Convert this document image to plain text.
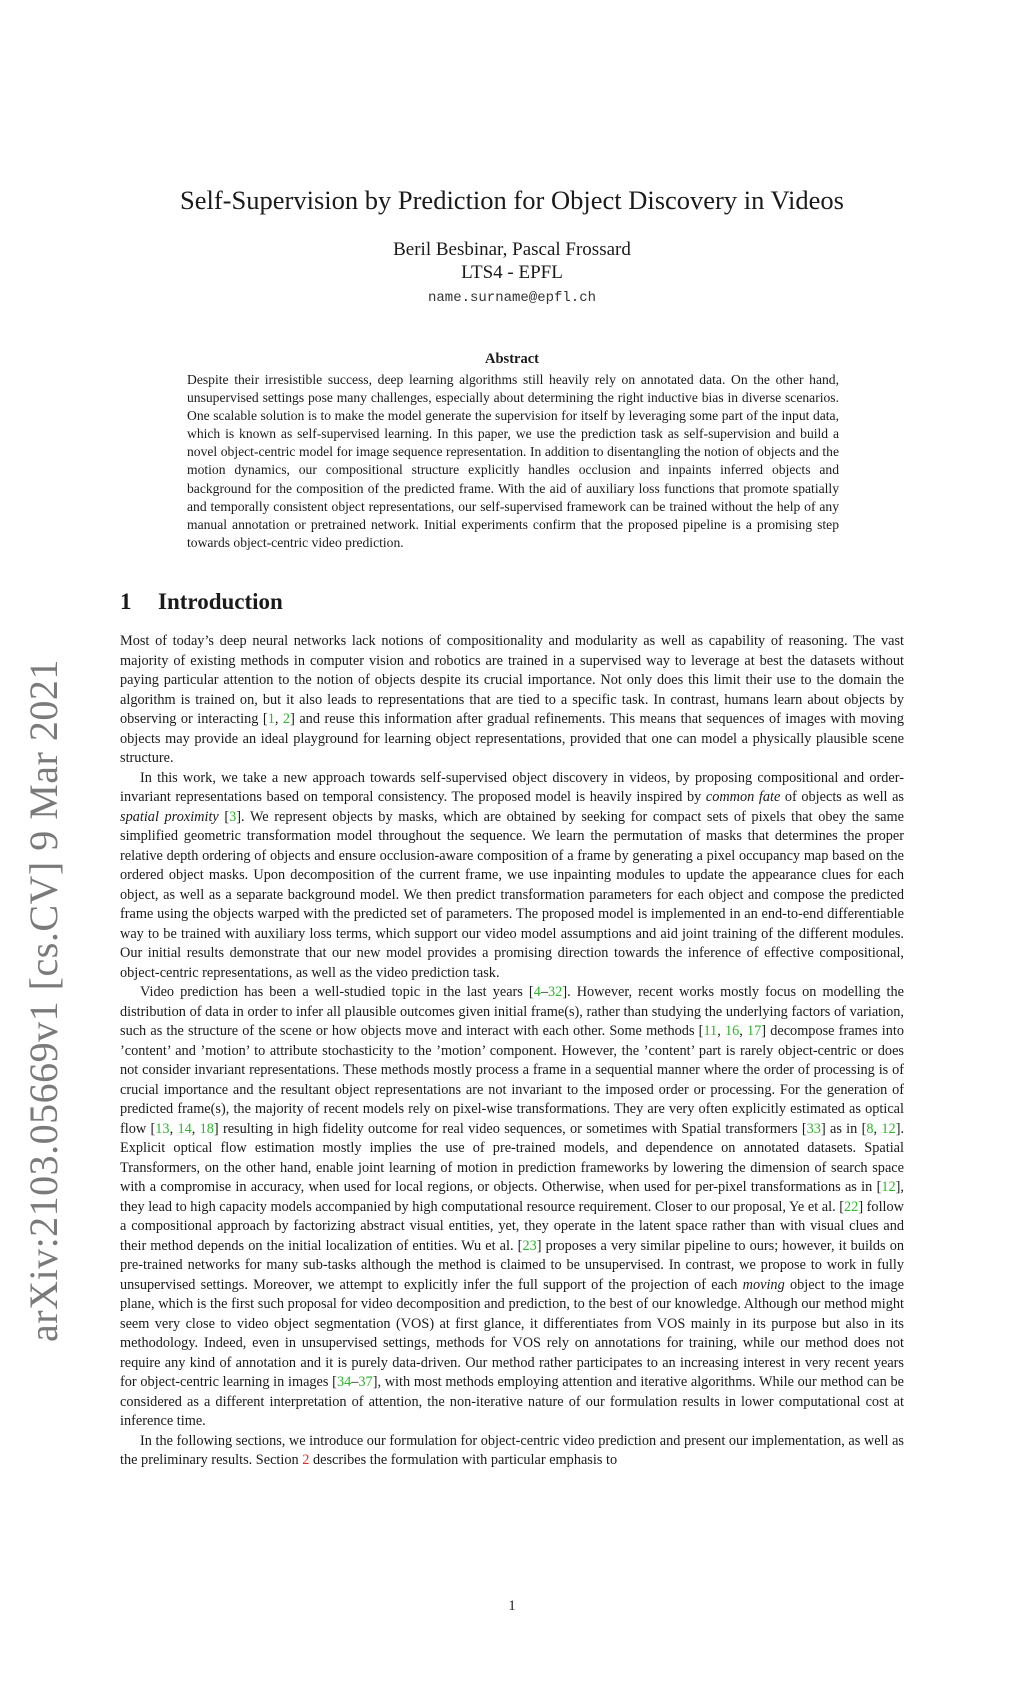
arXiv:2103.05669v1 [cs.CV] 9 Mar 2021
Self-Supervision by Prediction for Object Discovery in Videos
Beril Besbinar, Pascal Frossard
LTS4 - EPFL
name.surname@epfl.ch
Abstract

Despite their irresistible success, deep learning algorithms still heavily rely on annotated data. On the other hand, unsupervised settings pose many challenges, especially about determining the right inductive bias in diverse scenarios. One scalable solution is to make the model generate the supervision for itself by leveraging some part of the input data, which is known as self-supervised learning. In this paper, we use the prediction task as self-supervision and build a novel object-centric model for image sequence representation. In addition to disentangling the notion of objects and the motion dynamics, our compositional structure explicitly handles occlusion and inpaints inferred objects and background for the composition of the predicted frame. With the aid of auxiliary loss functions that promote spatially and temporally consistent object representations, our self-supervised framework can be trained without the help of any manual annotation or pretrained network. Initial experiments confirm that the proposed pipeline is a promising step towards object-centric video prediction.

1 Introduction

Most of today’s deep neural networks lack notions of compositionality and modularity as well as capability of reasoning. The vast majority of existing methods in computer vision and robotics are trained in a supervised way to leverage at best the datasets without paying particular attention to the notion of objects despite its crucial importance. Not only does this limit their use to the domain the algorithm is trained on, but it also leads to representations that are tied to a specific task. In contrast, humans learn about objects by observing or interacting [1, 2] and reuse this information after gradual refinements. This means that sequences of images with moving objects may provide an ideal playground for learning object representations, provided that one can model a physically plausible scene structure.

In this work, we take a new approach towards self-supervised object discovery in videos, by proposing compositional and order-invariant representations based on temporal consistency. The proposed model is heavily inspired by common fate of objects as well as spatial proximity [3]. We represent objects by masks, which are obtained by seeking for compact sets of pixels that obey the same simplified geometric transformation model throughout the sequence. We learn the permutation of masks that determines the proper relative depth ordering of objects and ensure occlusion-aware composition of a frame by generating a pixel occupancy map based on the ordered object masks. Upon decomposition of the current frame, we use inpainting modules to update the appearance clues for each object, as well as a separate background model. We then predict transformation parameters for each object and compose the predicted frame using the objects warped with the predicted set of parameters. The proposed model is implemented in an end-to-end differentiable way to be trained with auxiliary loss terms, which support our video model assumptions and aid joint training of the different modules. Our initial results demonstrate that our new model provides a promising direction towards the inference of effective compositional, object-centric representations, as well as the video prediction task.

Video prediction has been a well-studied topic in the last years [4–32]. However, recent works mostly focus on modelling the distribution of data in order to infer all plausible outcomes given initial frame(s), rather than studying the underlying factors of variation, such as the structure of the scene or how objects move and interact with each other. Some methods [11, 16, 17] decompose frames into ’content’ and ’motion’ to attribute stochasticity to the ’motion’ component. However, the ’content’ part is rarely object-centric or does not consider invariant representations. These methods mostly process a frame in a sequential manner where the order of processing is of crucial importance and the resultant object representations are not invariant to the imposed order or processing. For the generation of predicted frame(s), the majority of recent models rely on pixel-wise transformations. They are very often explicitly estimated as optical flow [13, 14, 18] resulting in high fidelity outcome for real video sequences, or sometimes with Spatial transformers [33] as in [8, 12]. Explicit optical flow estimation mostly implies the use of pre-trained models, and dependence on annotated datasets. Spatial Transformers, on the other hand, enable joint learning of motion in prediction frameworks by lowering the dimension of search space with a compromise in accuracy, when used for local regions, or objects. Otherwise, when used for per-pixel transformations as in [12], they lead to high capacity models accompanied by high computational resource requirement. Closer to our proposal, Ye et al. [22] follow a compositional approach by factorizing abstract visual entities, yet, they operate in the latent space rather than with visual clues and their method depends on the initial localization of entities. Wu et al. [23] proposes a very similar pipeline to ours; however, it builds on pre-trained networks for many sub-tasks although the method is claimed to be unsupervised. In contrast, we propose to work in fully unsupervised settings. Moreover, we attempt to explicitly infer the full support of the projection of each moving object to the image plane, which is the first such proposal for video decomposition and prediction, to the best of our knowledge. Although our method might seem very close to video object segmentation (VOS) at first glance, it differentiates from VOS mainly in its purpose but also in its methodology. Indeed, even in unsupervised settings, methods for VOS rely on annotations for training, while our method does not require any kind of annotation and it is purely data-driven. Our method rather participates to an increasing interest in very recent years for object-centric learning in images [34–37], with most methods employing attention and iterative algorithms. While our method can be considered as a different interpretation of attention, the non-iterative nature of our formulation results in lower computational cost at inference time.

In the following sections, we introduce our formulation for object-centric video prediction and present our implementation, as well as the preliminary results. Section 2 describes the formulation with particular emphasis to

1
